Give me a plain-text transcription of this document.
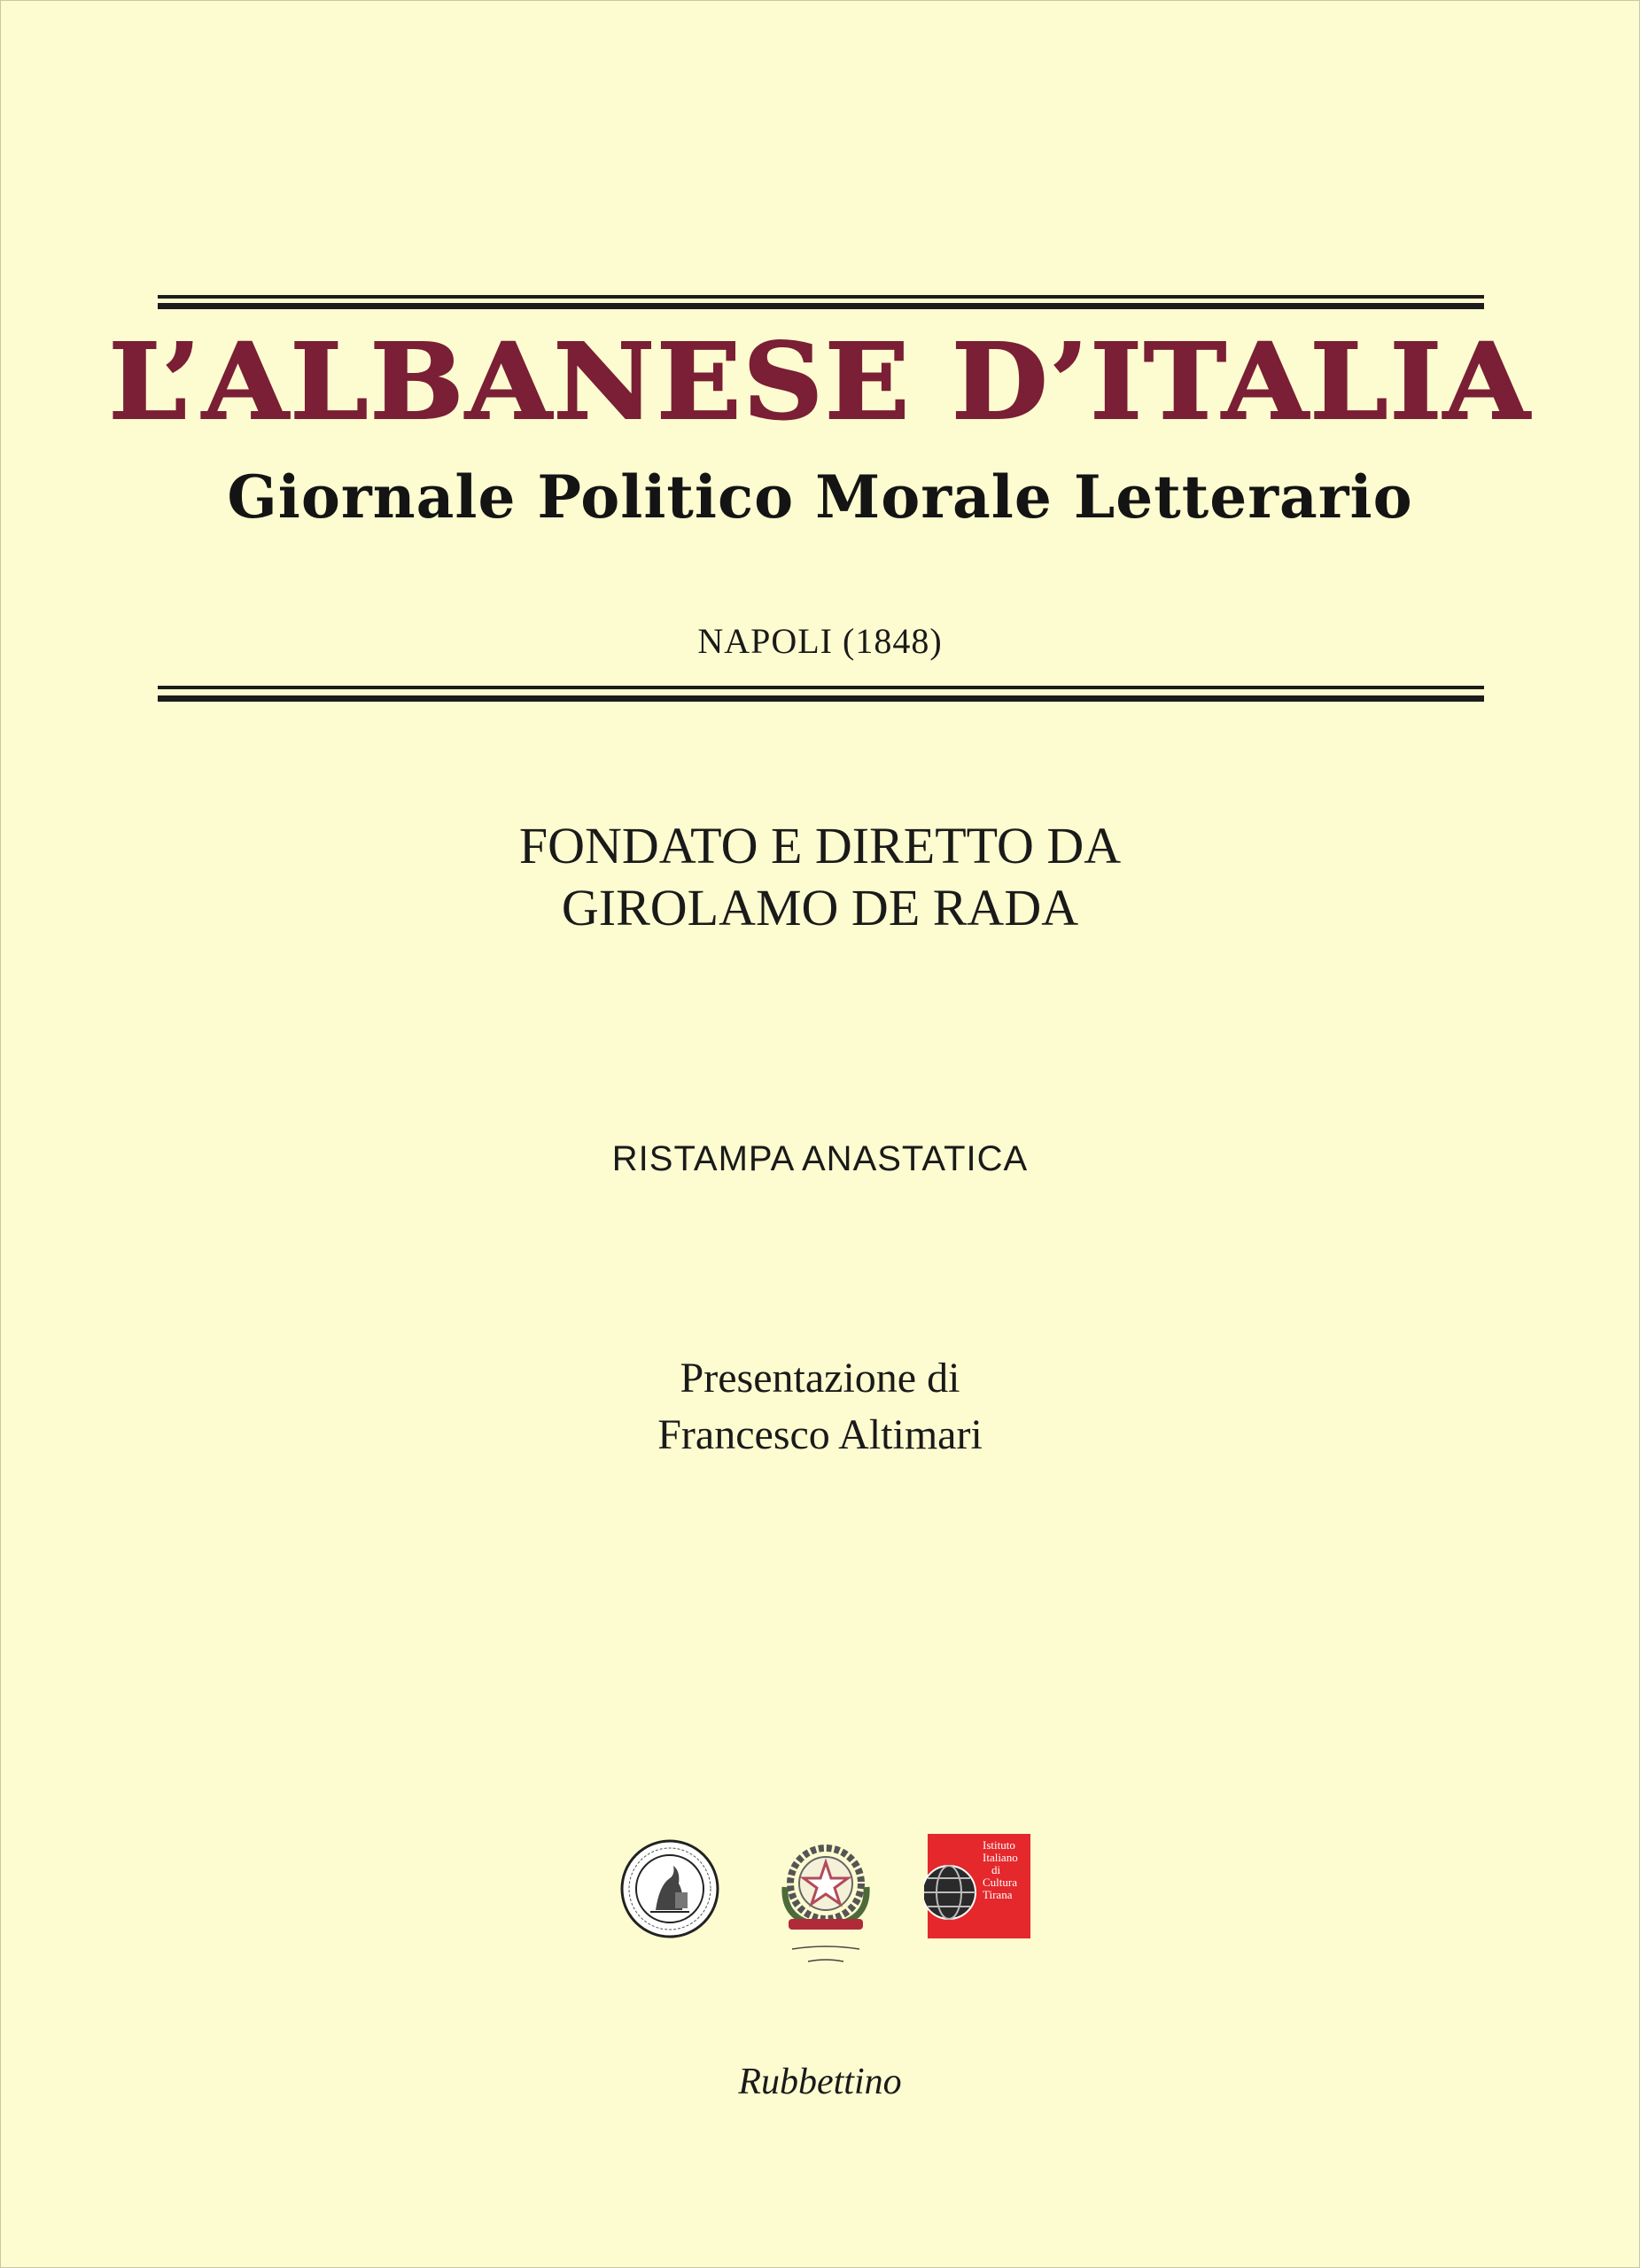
L’ALBANESE D’ITALIA
Giornale Politico Morale Letterario
NAPOLI (1848)
FONDATO E DIRETTO DA
GIROLAMO DE RADA
RISTAMPA ANASTATICA
Presentazione di
Francesco Altimari
Istituto
Italiano
di
Cultura
Tirana
Rubbettino
